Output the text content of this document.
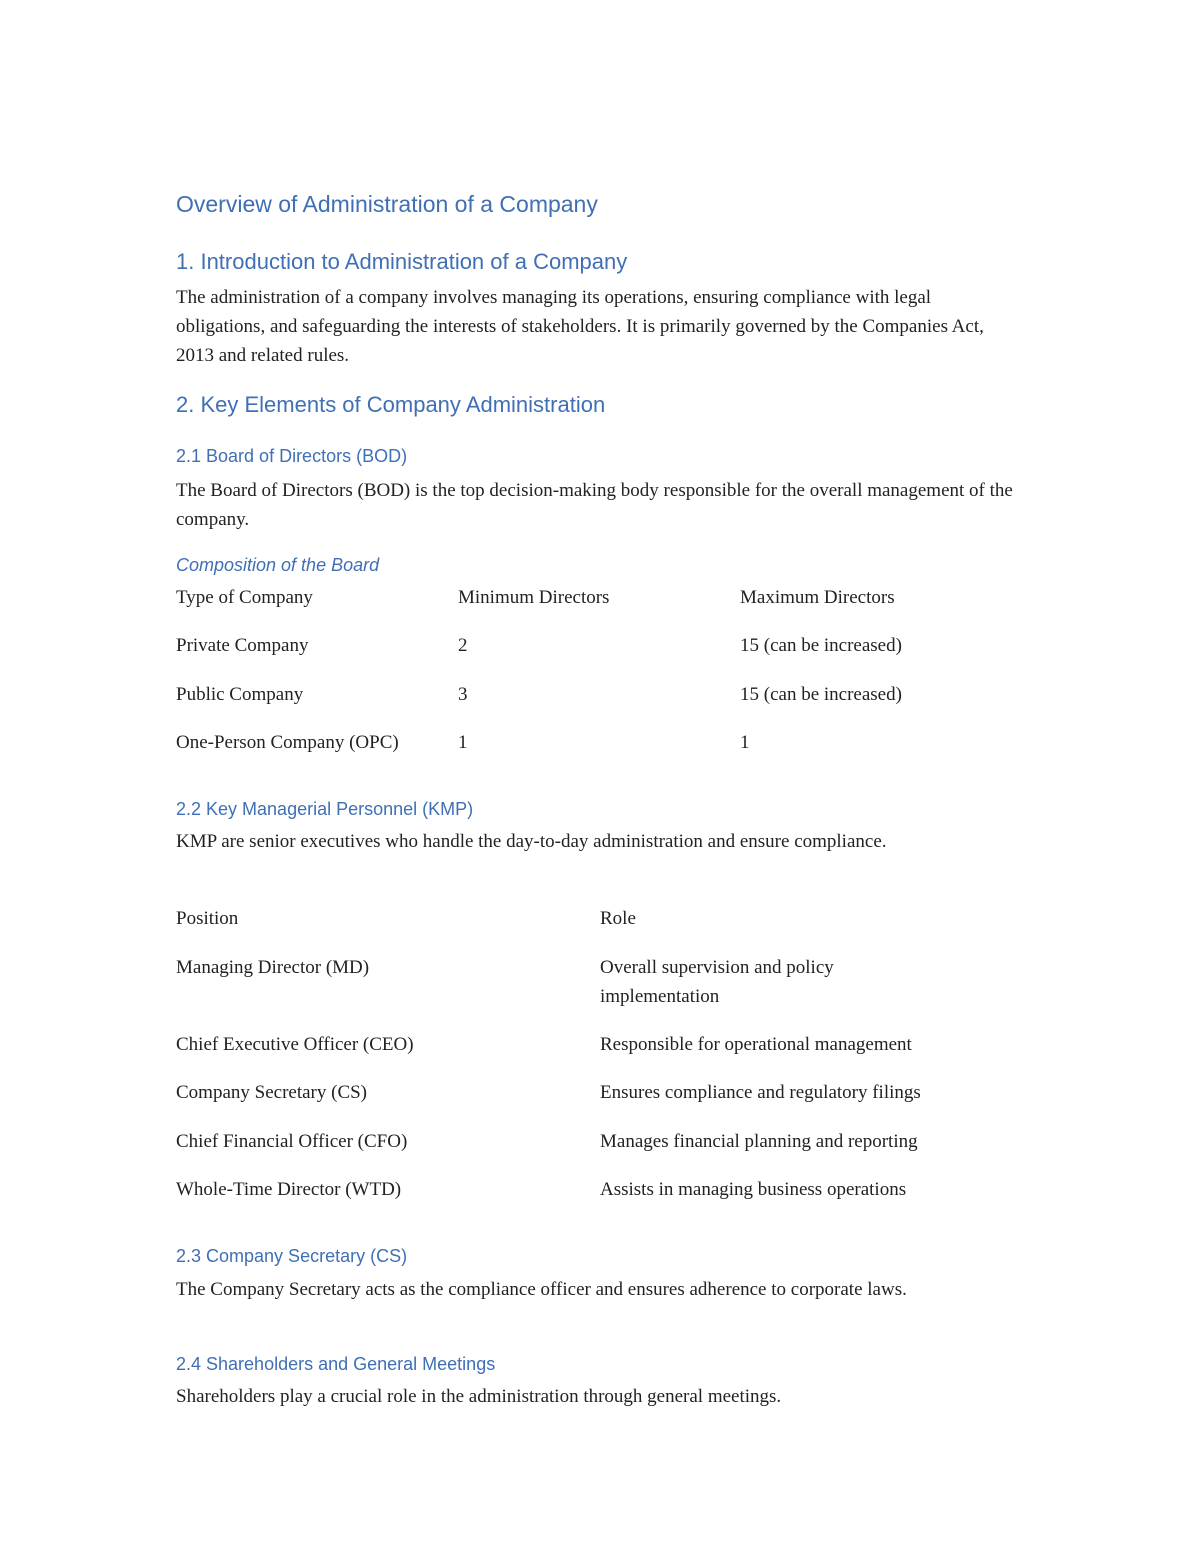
Overview of Administration of a Company
1. Introduction to Administration of a Company

The administration of a company involves managing its operations, ensuring compliance with legal obligations, and safeguarding the interests of stakeholders. It is primarily governed by the Companies Act, 2013 and related rules.

2. Key Elements of Company Administration
2.1 Board of Directors (BOD)

The Board of Directors (BOD) is the top decision-making body responsible for the overall management of the company.

Composition of the Board
Type of Company	Minimum Directors	Maximum Directors
Private Company	2	15 (can be increased)
Public Company	3	15 (can be increased)
One-Person Company (OPC)	1	1
2.2 Key Managerial Personnel (KMP)

KMP are senior executives who handle the day-to-day administration and ensure compliance.

Position	Role
Managing Director (MD)	Overall supervision and policy implementation
Chief Executive Officer (CEO)	Responsible for operational management
Company Secretary (CS)	Ensures compliance and regulatory filings
Chief Financial Officer (CFO)	Manages financial planning and reporting
Whole-Time Director (WTD)	Assists in managing business operations
2.3 Company Secretary (CS)

The Company Secretary acts as the compliance officer and ensures adherence to corporate laws.

2.4 Shareholders and General Meetings

Shareholders play a crucial role in the administration through general meetings.
